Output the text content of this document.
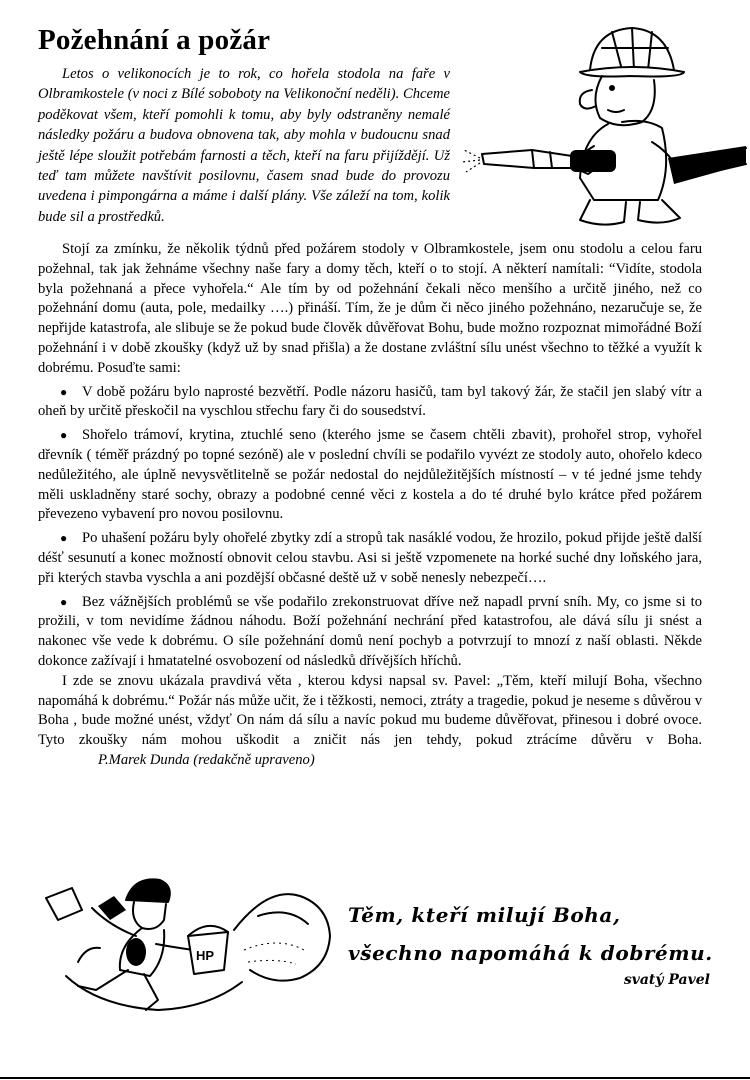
Požehnání a požár

Letos o velikonocích je to rok, co hořela stodola na faře v Olbramkostele (v noci z Bílé soboboty na Velikonoční neděli). Chceme poděkovat všem, kteří pomohli k tomu, aby byly odstraněny nemalé následky požáru a budova obnovena tak, aby mohla v budoucnu snad ještě lépe sloužit potřebám farnosti a těch, kteří na faru přijíždějí. Už teď tam můžete navštívit posilovnu, časem snad bude do provozu uvedena i pimpongárna a máme i další plány. Vše záleží na tom, kolik bude sil a prostředků.

Stojí za zmínku, že několik týdnů před požárem stodoly v Olbramkostele, jsem onu stodolu a celou faru požehnal, tak jak žehnáme všechny naše fary a domy těch, kteří o to stojí. A některí namítali: “Vidíte, stodola byla požehnaná a přece vyhořela.“ Ale tím by od požehnání čekali něco menšího a určitě jiného, než co požehnání domu (auta, pole, medailky ….) přináší. Tím, že je dům či něco jiného požehnáno, nezaručuje se, že nepřijde katastrofa, ale slibuje se že pokud bude člověk důvěřovat Bohu, bude možno rozpoznat mimořádné Boží požehnání i v době zkoušky (když už by snad přišla) a že dostane zvláštní sílu unést všechno to těžké a využít k dobrému. Posuďte sami:

● V době požáru bylo naprosté bezvětří. Podle názoru hasičů, tam byl takový žár, že stačil jen slabý vítr a oheň by určitě přeskočil na vyschlou střechu fary či do sousedství.

● Shořelo trámoví, krytina, ztuchlé seno (kterého jsme se časem chtěli zbavit), prohořel strop, vyhořel dřevník ( téměř prázdný po topné sezóně) ale v poslední chvíli se podařilo vyvézt ze stodoly auto, ohořelo kdeco nedůležitého, ale úplně nevysvětlitelně se požár nedostal do nejdůležitějších místností – v té jedné jsme tehdy měli uskladněny staré sochy, obrazy a podobné cenné věci z kostela a do té druhé bylo krátce před požárem převezeno vybavení pro novou posilovnu.

● Po uhašení požáru byly ohořelé zbytky zdí a stropů tak nasáklé vodou, že hrozilo, pokud přijde ještě další déšť sesunutí a konec možností obnovit celou stavbu. Asi si ještě vzpomenete na horké suché dny loňského jara, při kterých stavba vyschla a ani pozdější občasné deště už v sobě nenesly nebezpečí….

● Bez vážnějších problémů se vše podařilo zrekonstruovat dříve než napadl první sníh. My, co jsme si to prožili, v tom nevidíme žádnou náhodu. Boží požehnání nechrání před katastrofou, ale dává sílu ji snést a nakonec vše vede k dobrému. O síle požehnání domů není pochyb a potvrzují to mnozí z naší oblasti. Někde dokonce zažívají i hmatatelné osvobození od následků dřívějších hříchů.

I zde se znovu ukázala pravdivá věta , kterou kdysi napsal sv. Pavel: „Těm, kteří milují Boha, všechno napomáhá k dobrému.“ Požár nás může učit, že i těžkosti, nemoci, ztráty a tragedie, pokud je neseme s důvěrou v Boha , bude možné unést, vždyť On nám dá sílu a navíc pokud mu budeme důvěřovat, přinesou i dobré ovoce. Tyto zkoušky nám mohou uškodit a zničit nás jen tehdy, pokud ztrácíme důvěru v Boha.P.Marek Dunda (redakčně upraveno)

HP

Těm, kteří milují Boha,
všechno napomáhá k dobrému.

svatý Pavel
